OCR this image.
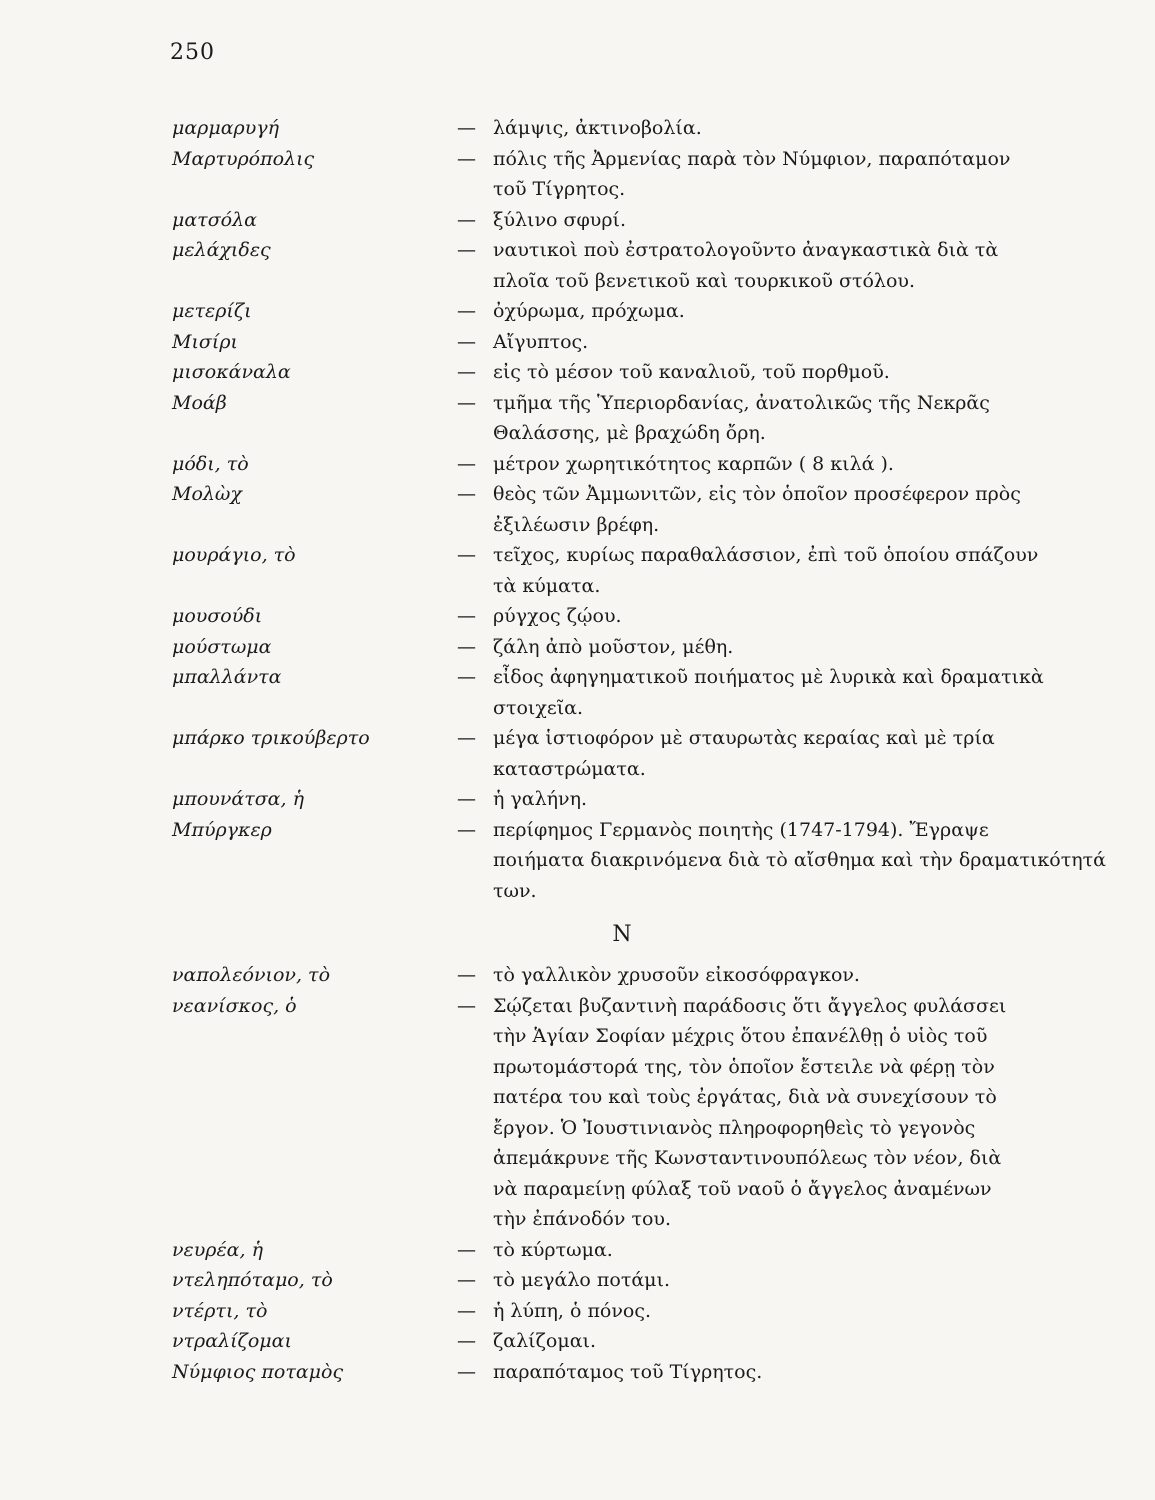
250
μαρμαρυγή	— λάμψις, ἀκτινοβολία.
Μαρτυρόπολις	— πόλις τῆς Ἀρμενίας παρὰ τὸν Νύμφιον, παραπόταμον
τοῦ Τίγρητος.
ματσόλα	— ξύλινο σφυρί.
μελάχιδες	— ναυτικοὶ ποὺ ἐστρατολογοῦντο ἀναγκαστικὰ διὰ τὰ
πλοῖα τοῦ βενετικοῦ καὶ τουρκικοῦ στόλου.
μετερίζι	— ὀχύρωμα, πρόχωμα.
Μισίρι	— Αἴγυπτος.
μισοκάναλα	— εἰς τὸ μέσον τοῦ καναλιοῦ, τοῦ πορθμοῦ.
Μοάβ	— τμῆμα τῆς Ὑπεριορδανίας, ἀνατολικῶς τῆς Νεκρᾶς
Θαλάσσης, μὲ βραχώδη ὄρη.
μόδι, τὸ	— μέτρον χωρητικότητος καρπῶν ( 8 κιλά ).
Μολὼχ	— θεὸς τῶν Ἀμμωνιτῶν, εἰς τὸν ὁποῖον προσέφερον πρὸς
ἐξιλέωσιν βρέφη.
μουράγιο, τὸ	— τεῖχος, κυρίως παραθαλάσσιον, ἐπὶ τοῦ ὁποίου σπάζουν
τὰ κύματα.
μουσούδι	— ρύγχος ζῴου.
μούστωμα	— ζάλη ἀπὸ μοῦστον, μέθη.
μπαλλάντα	— εἶδος ἀφηγηματικοῦ ποιήματος μὲ λυρικὰ καὶ δραματικὰ
στοιχεῖα.
μπάρκο τρικούβερτο	— μέγα ἱστιοφόρον μὲ σταυρωτὰς κεραίας καὶ μὲ τρία
καταστρώματα.
μπουνάτσα, ἡ	— ἡ γαλήνη.
Μπύργκερ	— περίφημος Γερμανὸς ποιητὴς (1747-1794). Ἔγραψε
ποιήματα διακρινόμενα διὰ τὸ αἴσθημα καὶ τὴν δραματικότητά
των.
Ν
ναπολεόνιον, τὸ	— τὸ γαλλικὸν χρυσοῦν εἰκοσόφραγκον.
νεανίσκος, ὁ	— Σῴζεται βυζαντινὴ παράδοσις ὅτι ἄγγελος φυλάσσει
τὴν Ἁγίαν Σοφίαν μέχρις ὅτου ἐπανέλθῃ ὁ υἱὸς τοῦ
πρωτομάστορά της, τὸν ὁποῖον ἔστειλε νὰ φέρῃ τὸν
πατέρα του καὶ τοὺς ἐργάτας, διὰ νὰ συνεχίσουν τὸ
ἔργον. Ὁ Ἰουστινιανὸς πληροφορηθεὶς τὸ γεγονὸς
ἀπεμάκρυνε τῆς Κωνσταντινουπόλεως τὸν νέον, διὰ
νὰ παραμείνῃ φύλαξ τοῦ ναοῦ ὁ ἄγγελος ἀναμένων
τὴν ἐπάνοδόν του.
νευρέα, ἡ	— τὸ κύρτωμα.
ντεληπόταμο, τὸ	— τὸ μεγάλο ποτάμι.
ντέρτι, τὸ	— ἡ λύπη, ὁ πόνος.
ντραλίζομαι	— ζαλίζομαι.
Νύμφιος ποταμὸς	— παραπόταμος τοῦ Τίγρητος.
